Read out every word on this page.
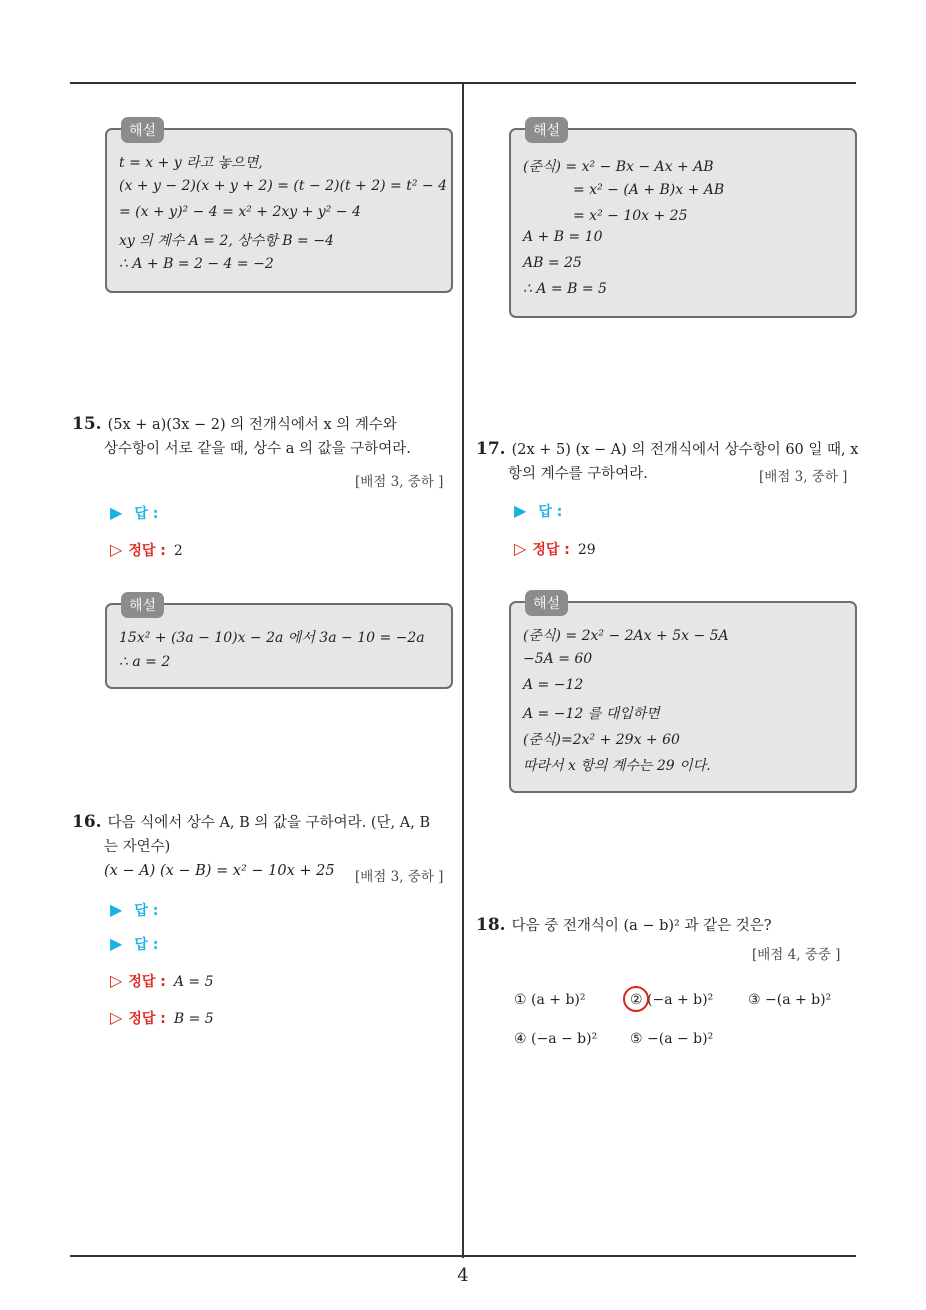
해설
t = x + y 라고 놓으면,
(x + y − 2)(x + y + 2) = (t − 2)(t + 2) = t² − 4
= (x + y)² − 4 = x² + 2xy + y² − 4
xy 의 계수 A = 2, 상수항 B = −4
∴ A + B = 2 − 4 = −2
15. (5x + a)(3x − 2) 의 전개식에서 x 의 계수와
상수항이 서로 같을 때, 상수 a 의 값을 구하여라.
[배점 3, 중하 ]
▶ 답 :
▷ 정답 : 2
해설
15x² + (3a − 10)x − 2a 에서 3a − 10 = −2a
∴ a = 2
16. 다음 식에서 상수 A, B 의 값을 구하여라. (단, A, B
는 자연수)
(x − A) (x − B) = x² − 10x + 25	[배점 3, 중하 ]
▶ 답 :
▶ 답 :
▷ 정답 : A = 5
▷ 정답 : B = 5
해설
(준식) = x² − Bx − Ax + AB
= x² − (A + B)x + AB
= x² − 10x + 25
A + B = 10
AB = 25
∴ A = B = 5
17. (2x + 5) (x − A) 의 전개식에서 상수항이 60 일 때, x
항의 계수를 구하여라.	[배점 3, 중하 ]
▶ 답 :
▷ 정답 : 29
해설
(준식) = 2x² − 2Ax + 5x − 5A
−5A = 60
A = −12
A = −12 를 대입하면
(준식)=2x² + 29x + 60
따라서 x 항의 계수는 29 이다.
18. 다음 중 전개식이 (a − b)² 과 같은 것은?
[배점 4, 중중 ]
① (a + b)²	② (−a + b)² ③ −(a + b)²
④ (−a − b)² ⑤ −(a − b)²
4
